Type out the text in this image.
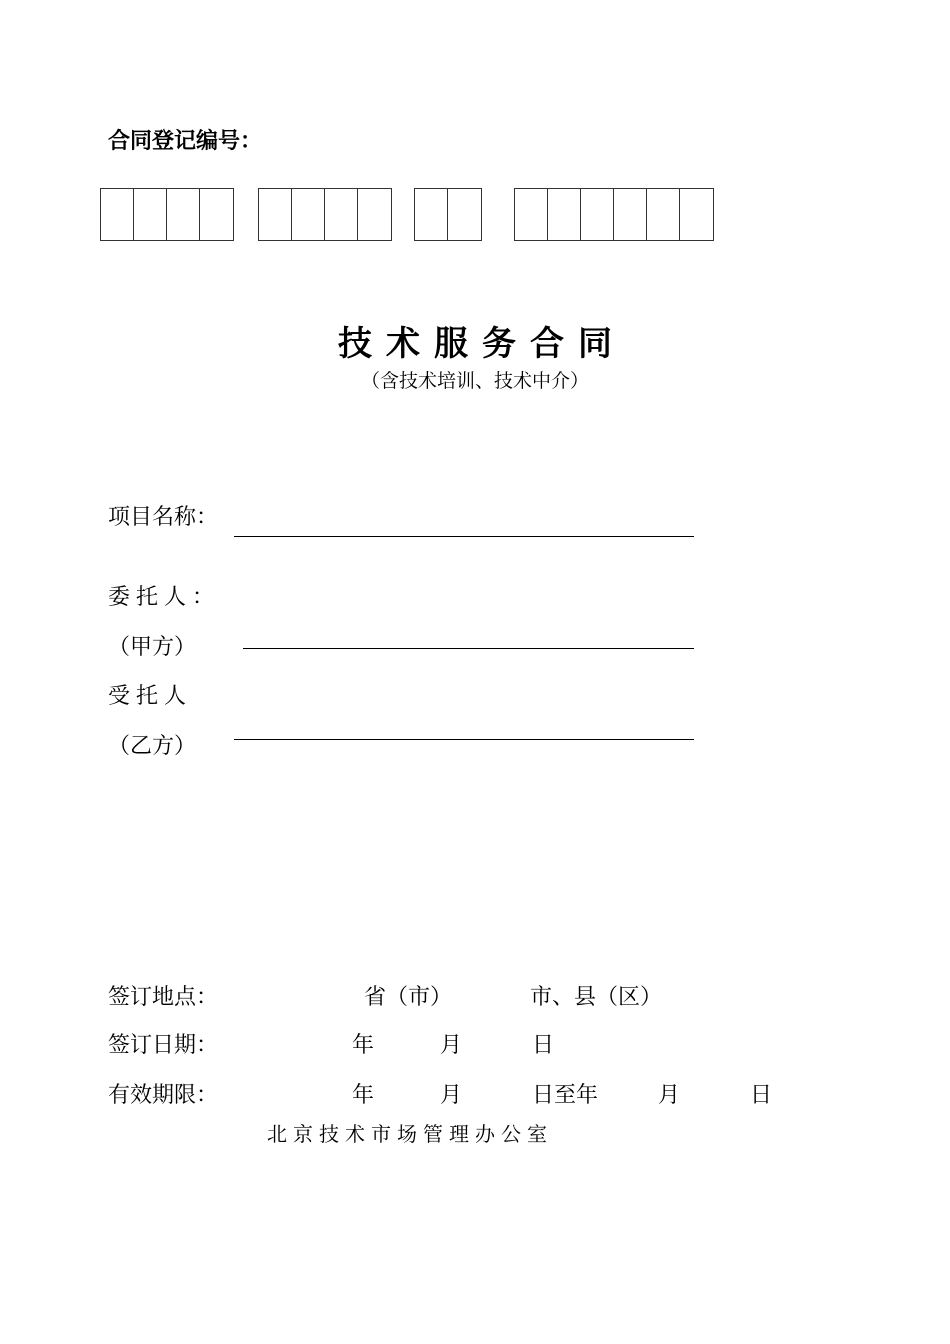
合同登记编号：
技术服务合同
（含技术培训、技术中介）
项目名称：
委托人：
（甲方）
受托人
（乙方）
签订地点：	省（市）	市、县（区）
签订日期：	年	月	日
有效期限：	年	月	日至年	月	日
北京技术市场管理办公室
